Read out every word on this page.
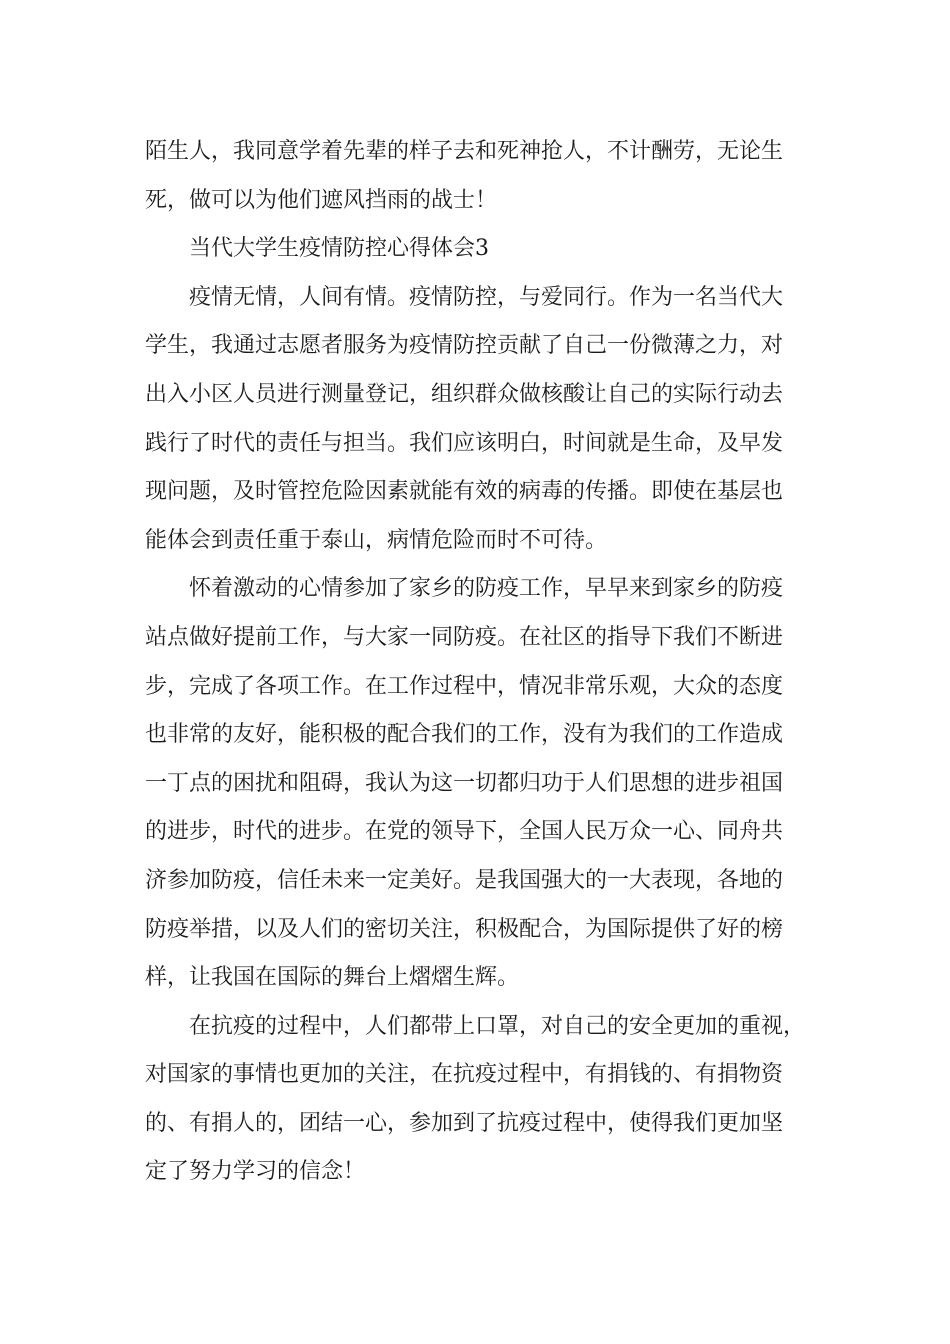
陌生人，我同意学着先辈的样子去和死神抢人，不计酬劳，无论生
死，做可以为他们遮风挡雨的战士！

当代大学生疫情防控心得体会3

疫情无情，人间有情。疫情防控，与爱同行。作为一名当代大
学生，我通过志愿者服务为疫情防控贡献了自己一份微薄之力，对
出入小区人员进行测量登记，组织群众做核酸让自己的实际行动去
践行了时代的责任与担当。我们应该明白，时间就是生命，及早发
现问题，及时管控危险因素就能有效的病毒的传播。即使在基层也
能体会到责任重于泰山，病情危险而时不可待。

怀着激动的心情参加了家乡的防疫工作，早早来到家乡的防疫
站点做好提前工作，与大家一同防疫。在社区的指导下我们不断进
步，完成了各项工作。在工作过程中，情况非常乐观，大众的态度
也非常的友好，能积极的配合我们的工作，没有为我们的工作造成
一丁点的困扰和阻碍，我认为这一切都归功于人们思想的进步祖国
的进步，时代的进步。在党的领导下，全国人民万众一心、同舟共
济参加防疫，信任未来一定美好。是我国强大的一大表现，各地的
防疫举措，以及人们的密切关注，积极配合，为国际提供了好的榜
样，让我国在国际的舞台上熠熠生辉。

在抗疫的过程中，人们都带上口罩，对自己的安全更加的重视，
对国家的事情也更加的关注，在抗疫过程中，有捐钱的、有捐物资
的、有捐人的，团结一心，参加到了抗疫过程中，使得我们更加坚
定了努力学习的信念！
